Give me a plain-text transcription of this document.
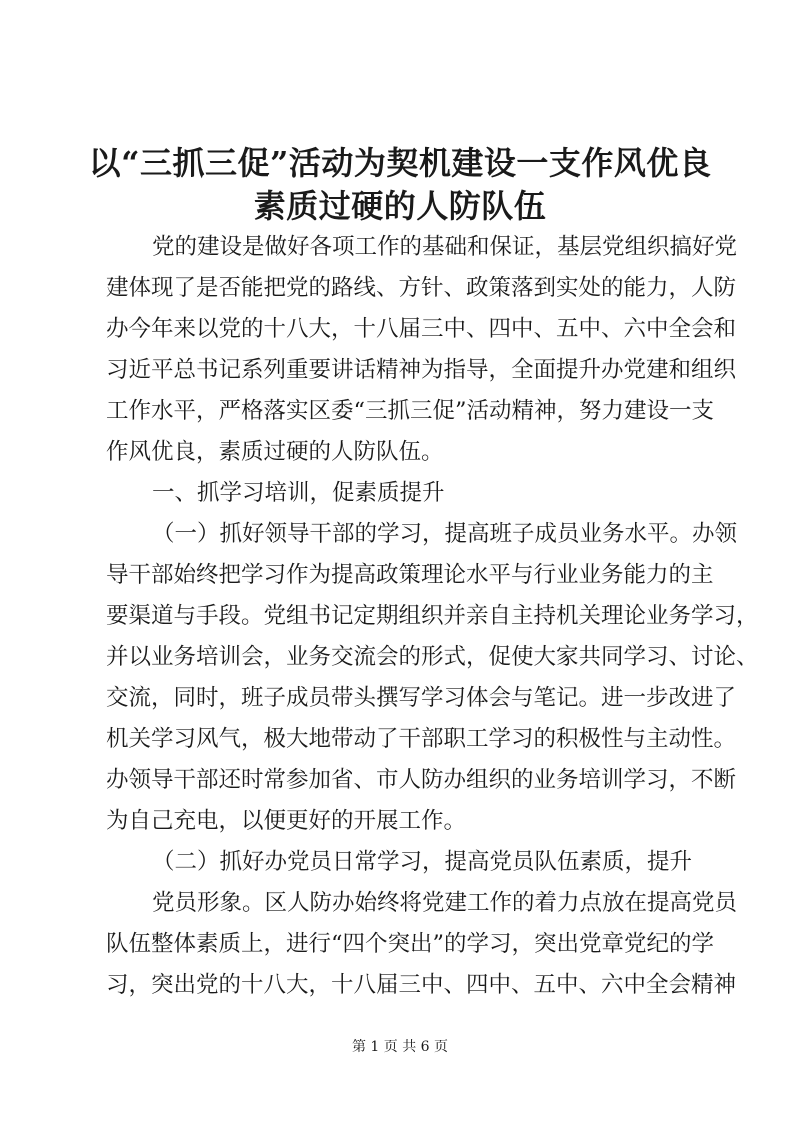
以“三抓三促”活动为契机建设一支作风优良
素质过硬的人防队伍
党的建设是做好各项工作的基础和保证，基层党组织搞好党
建体现了是否能把党的路线、方针、政策落到实处的能力，人防
办今年来以党的十八大，十八届三中、四中、五中、六中全会和
习近平总书记系列重要讲话精神为指导，全面提升办党建和组织
工作水平，严格落实区委“三抓三促”活动精神，努力建设一支
作风优良，素质过硬的人防队伍。
一、抓学习培训，促素质提升
（一）抓好领导干部的学习，提高班子成员业务水平。办领
导干部始终把学习作为提高政策理论水平与行业业务能力的主
要渠道与手段。党组书记定期组织并亲自主持机关理论业务学习，
并以业务培训会，业务交流会的形式，促使大家共同学习、讨论、
交流，同时，班子成员带头撰写学习体会与笔记。进一步改进了
机关学习风气，极大地带动了干部职工学习的积极性与主动性。
办领导干部还时常参加省、市人防办组织的业务培训学习，不断
为自己充电，以便更好的开展工作。
（二）抓好办党员日常学习，提高党员队伍素质，提升
党员形象。区人防办始终将党建工作的着力点放在提高党员
队伍整体素质上，进行“四个突出”的学习，突出党章党纪的学
习，突出党的十八大，十八届三中、四中、五中、六中全会精神
第 1 页 共 6 页
